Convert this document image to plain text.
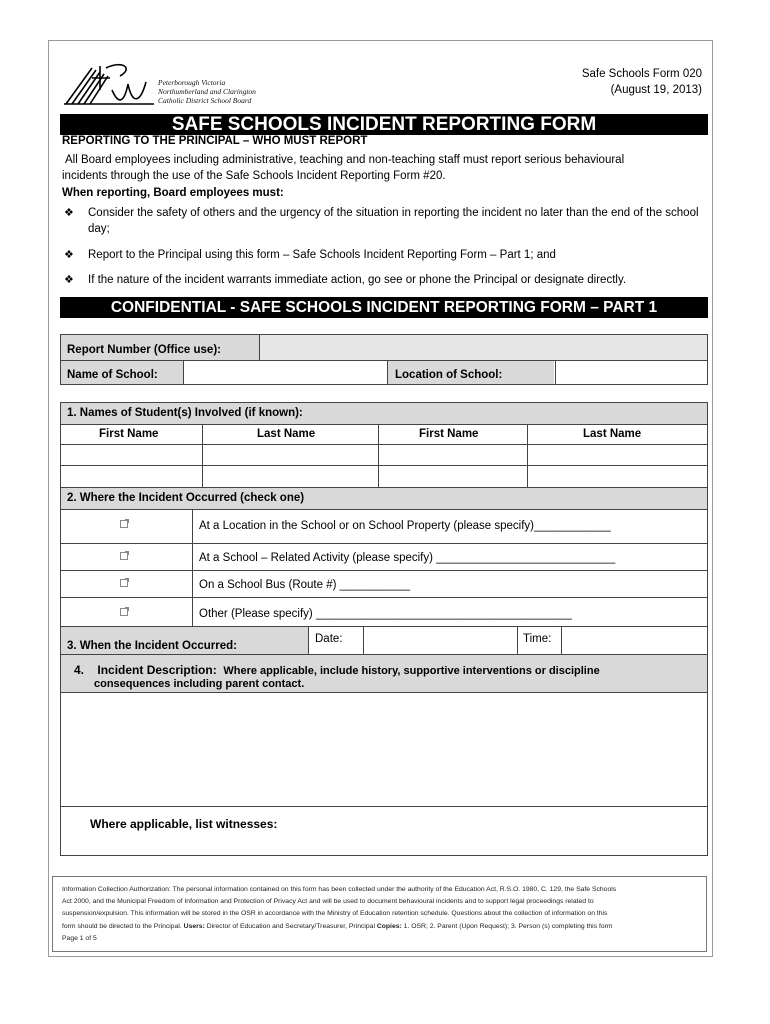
Peterborough Victoria
Northumberland and Clarington
Catholic District School Board
Safe Schools Form 020
(August 19, 2013)
SAFE SCHOOLS INCIDENT REPORTING FORM
REPORTING TO THE PRINCIPAL – WHO MUST REPORT
All Board employees including administrative, teaching and non-teaching staff must report serious behavioural
incidents through the use of the Safe Schools Incident Reporting Form #20.
When reporting, Board employees must:
❖ Consider the safety of others and the urgency of the situation in reporting the incident no later than the end of the school day;
❖ Report to the Principal using this form – Safe Schools Incident Reporting Form – Part 1; and
❖ If the nature of the incident warrants immediate action, go see or phone the Principal or designate directly.
CONFIDENTIAL - SAFE SCHOOLS INCIDENT REPORTING FORM – PART 1
Report Number (Office use):
Name of School:	Location of School:
1. Names of Student(s) Involved (if known):
First Name	Last Name	First Name	Last Name
2. Where the Incident Occurred (check one)
At a Location in the School or on School Property (please specify)____________
At a School – Related Activity (please specify) ____________________________
On a School Bus (Route #) ___________
Other (Please specify) ________________________________________
3. When the Incident Occurred:
Date:	Time:
4. Incident Description: Where applicable, include history, supportive interventions or discipline
consequences including parent contact.
Where applicable, list witnesses:
Information Collection Authorization: The personal information contained on this form has been collected under the authority of the Education Act, R.S.O. 1980, C. 129, the Safe Schools
Act 2000, and the Municipal Freedom of Information and Protection of Privacy Act and will be used to document behavioural incidents and to support legal proceedings related to
suspension/expulsion. This information will be stored in the OSR in accordance with the Ministry of Education retention schedule. Questions about the collection of information on this
form should be directed to the Principal. Users: Director of Education and Secretary/Treasurer, Principal Copies: 1. OSR; 2. Parent (Upon Request); 3. Person (s) completing this form
Page 1 of 5
